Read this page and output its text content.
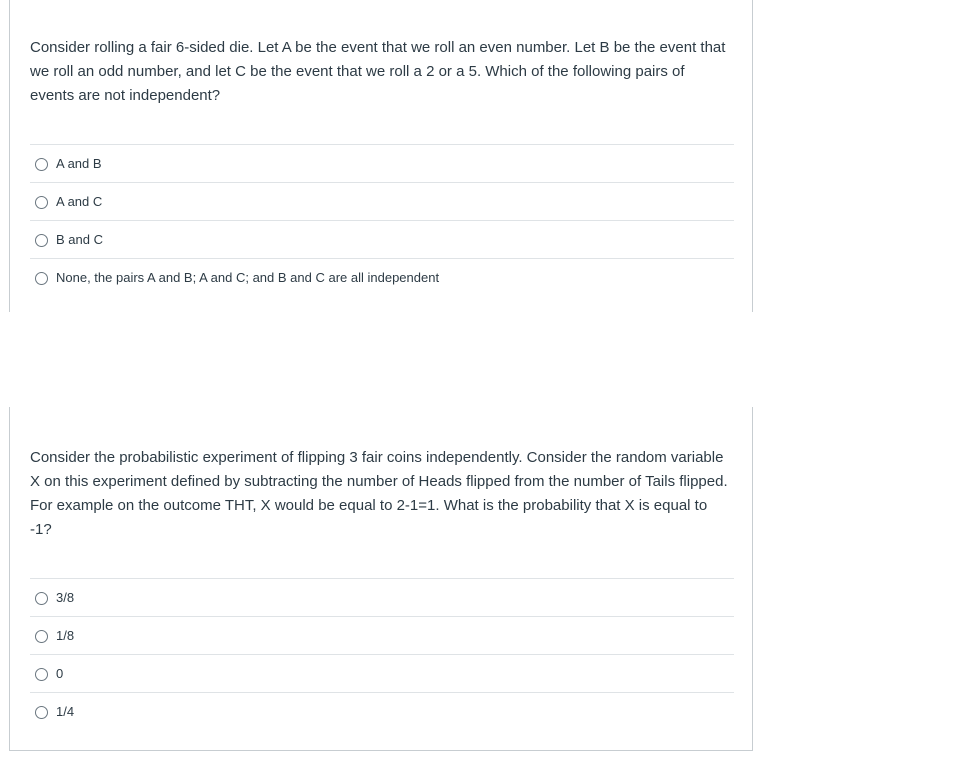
Consider rolling a fair 6-sided die. Let A be the event that we roll an even number. Let B be the event that we roll an odd number, and let C be the event that we roll a 2 or a 5. Which of the following pairs of events are not independent?
A and B
A and C
B and C
None, the pairs A and B; A and C; and B and C are all independent
Consider the probabilistic experiment of flipping 3 fair coins independently. Consider the random variable X on this experiment defined by subtracting the number of Heads flipped from the number of Tails flipped. For example on the outcome THT, X would be equal to 2-1=1. What is the probability that X is equal to -1?
3/8
1/8
0
1/4
